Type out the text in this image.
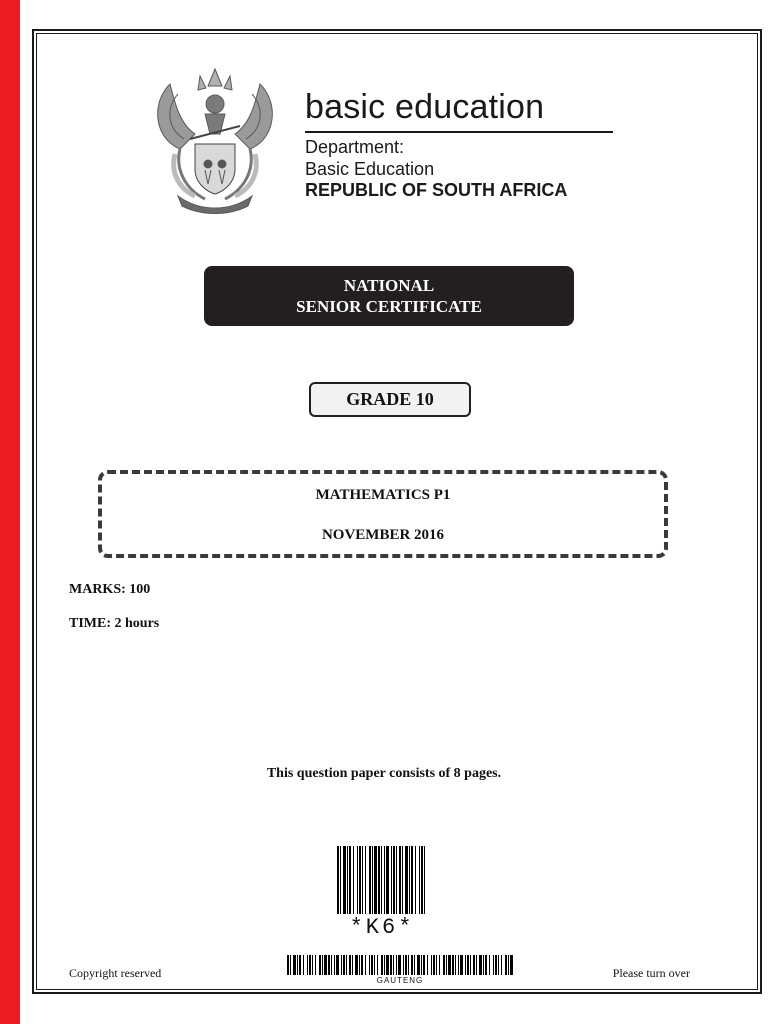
basic education
Department:
Basic Education
REPUBLIC OF SOUTH AFRICA
NATIONAL
SENIOR CERTIFICATE
GRADE 10
MATHEMATICS P1
NOVEMBER 2016
MARKS: 100
TIME: 2 hours
This question paper consists of 8 pages.
*K6*
GAUTENG
Copyright reserved	Please turn over
